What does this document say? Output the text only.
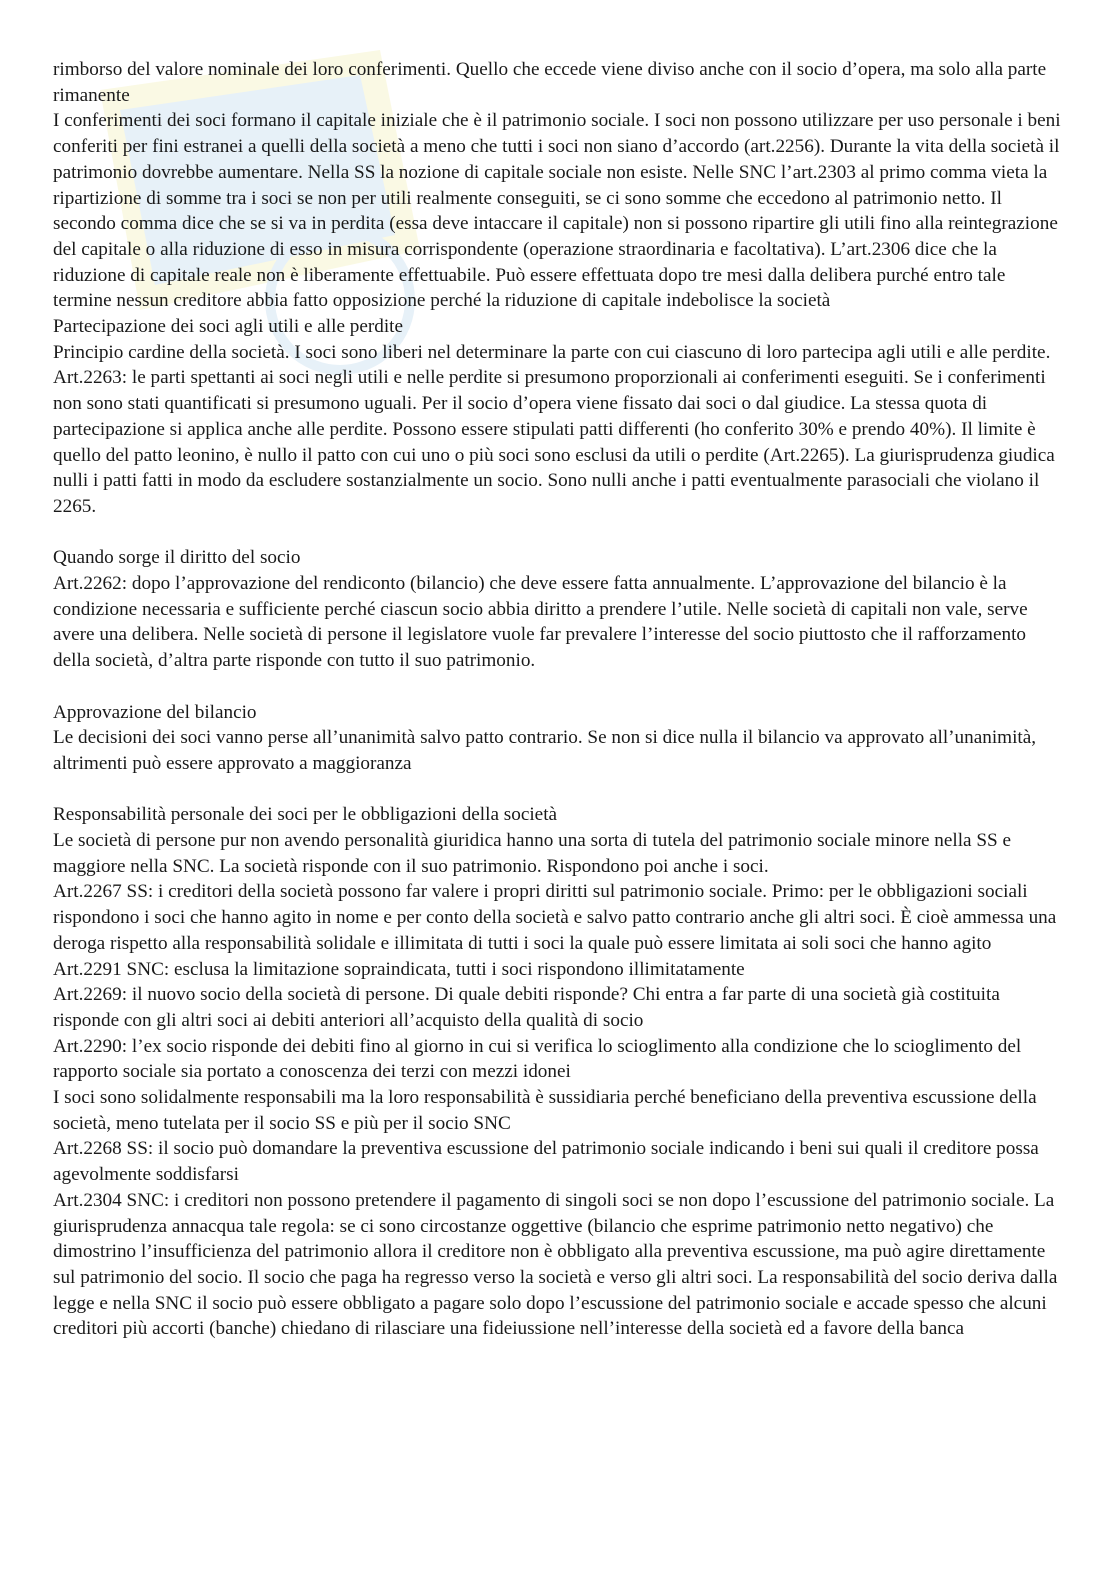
rimborso del valore nominale dei loro conferimenti. Quello che eccede viene diviso anche con il socio d’opera, ma solo alla parte rimanente

I conferimenti dei soci formano il capitale iniziale che è il patrimonio sociale. I soci non possono utilizzare per uso personale i beni conferiti per fini estranei a quelli della società a meno che tutti i soci non siano d’accordo (art.2256). Durante la vita della società il patrimonio dovrebbe aumentare. Nella SS la nozione di capitale sociale non esiste. Nelle SNC l’art.2303 al primo comma vieta la ripartizione di somme tra i soci se non per utili realmente conseguiti, se ci sono somme che eccedono al patrimonio netto. Il secondo comma dice che se si va in perdita (essa deve intaccare il capitale) non si possono ripartire gli utili fino alla reintegrazione del capitale o alla riduzione di esso in misura corrispondente (operazione straordinaria e facoltativa). L’art.2306 dice che la riduzione di capitale reale non è liberamente effettuabile. Può essere effettuata dopo tre mesi dalla delibera purché entro tale termine nessun creditore abbia fatto opposizione perché la riduzione di capitale indebolisce la società

Partecipazione dei soci agli utili e alle perdite

Principio cardine della società. I soci sono liberi nel determinare la parte con cui ciascuno di loro partecipa agli utili e alle perdite.

Art.2263: le parti spettanti ai soci negli utili e nelle perdite si presumono proporzionali ai conferimenti eseguiti. Se i conferimenti non sono stati quantificati si presumono uguali. Per il socio d’opera viene fissato dai soci o dal giudice. La stessa quota di partecipazione si applica anche alle perdite. Possono essere stipulati patti differenti (ho conferito 30% e prendo 40%). Il limite è quello del patto leonino, è nullo il patto con cui uno o più soci sono esclusi da utili o perdite (Art.2265). La giurisprudenza giudica nulli i patti fatti in modo da escludere sostanzialmente un socio. Sono nulli anche i patti eventualmente parasociali che violano il 2265.

Quando sorge il diritto del socio

Art.2262: dopo l’approvazione del rendiconto (bilancio) che deve essere fatta annualmente. L’approvazione del bilancio è la condizione necessaria e sufficiente perché ciascun socio abbia diritto a prendere l’utile. Nelle società di capitali non vale, serve avere una delibera. Nelle società di persone il legislatore vuole far prevalere l’interesse del socio piuttosto che il rafforzamento della società, d’altra parte risponde con tutto il suo patrimonio.

Approvazione del bilancio

Le decisioni dei soci vanno perse all’unanimità salvo patto contrario. Se non si dice nulla il bilancio va approvato all’unanimità, altrimenti può essere approvato a maggioranza

Responsabilità personale dei soci per le obbligazioni della società

Le società di persone pur non avendo personalità giuridica hanno una sorta di tutela del patrimonio sociale minore nella SS e maggiore nella SNC. La società risponde con il suo patrimonio. Rispondono poi anche i soci.

Art.2267 SS: i creditori della società possono far valere i propri diritti sul patrimonio sociale. Primo: per le obbligazioni sociali rispondono i soci che hanno agito in nome e per conto della società e salvo patto contrario anche gli altri soci. È cioè ammessa una deroga rispetto alla responsabilità solidale e illimitata di tutti i soci la quale può essere limitata ai soli soci che hanno agito

Art.2291 SNC: esclusa la limitazione sopraindicata, tutti i soci rispondono illimitatamente

Art.2269: il nuovo socio della società di persone. Di quale debiti risponde? Chi entra a far parte di una società già costituita risponde con gli altri soci ai debiti anteriori all’acquisto della qualità di socio

Art.2290: l’ex socio risponde dei debiti fino al giorno in cui si verifica lo scioglimento alla condizione che lo scioglimento del rapporto sociale sia portato a conoscenza dei terzi con mezzi idonei

I soci sono solidalmente responsabili ma la loro responsabilità è sussidiaria perché beneficiano della preventiva escussione della società, meno tutelata per il socio SS e più per il socio SNC

Art.2268 SS: il socio può domandare la preventiva escussione del patrimonio sociale indicando i beni sui quali il creditore possa agevolmente soddisfarsi

Art.2304 SNC: i creditori non possono pretendere il pagamento di singoli soci se non dopo l’escussione del patrimonio sociale. La giurisprudenza annacqua tale regola: se ci sono circostanze oggettive (bilancio che esprime patrimonio netto negativo) che dimostrino l’insufficienza del patrimonio allora il creditore non è obbligato alla preventiva escussione, ma può agire direttamente sul patrimonio del socio. Il socio che paga ha regresso verso la società e verso gli altri soci. La responsabilità del socio deriva dalla legge e nella SNC il socio può essere obbligato a pagare solo dopo l’escussione del patrimonio sociale e accade spesso che alcuni creditori più accorti (banche) chiedano di rilasciare una fideiussione nell’interesse della società ed a favore della banca
